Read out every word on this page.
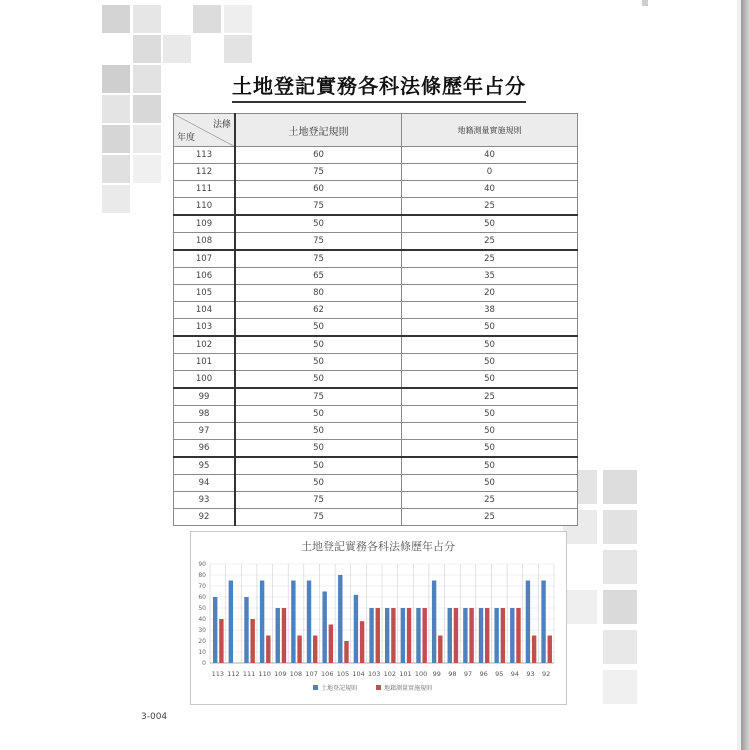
土地登記實務各科法條歷年占分
法條
年度	土地登記規則	地籍測量實施規則
113	60	40
112	75	0
111	60	40
110	75	25
109	50	50
108	75	25
107	75	25
106	65	35
105	80	20
104	62	38
103	50	50
102	50	50
101	50	50
100	50	50
99	75	25
98	50	50
97	50	50
96	50	50
95	50	50
94	50	50
93	75	25
92	75	25
土地登記實務各科法條歷年占分
0
10
20
30
40
50
60
70
80
90
113 112 111 110 109 108 107 106 105 104 103 102 101 100 99 98 97 96 95 94 93 92
土地登記規則	地籍測量實施規則
3-004
